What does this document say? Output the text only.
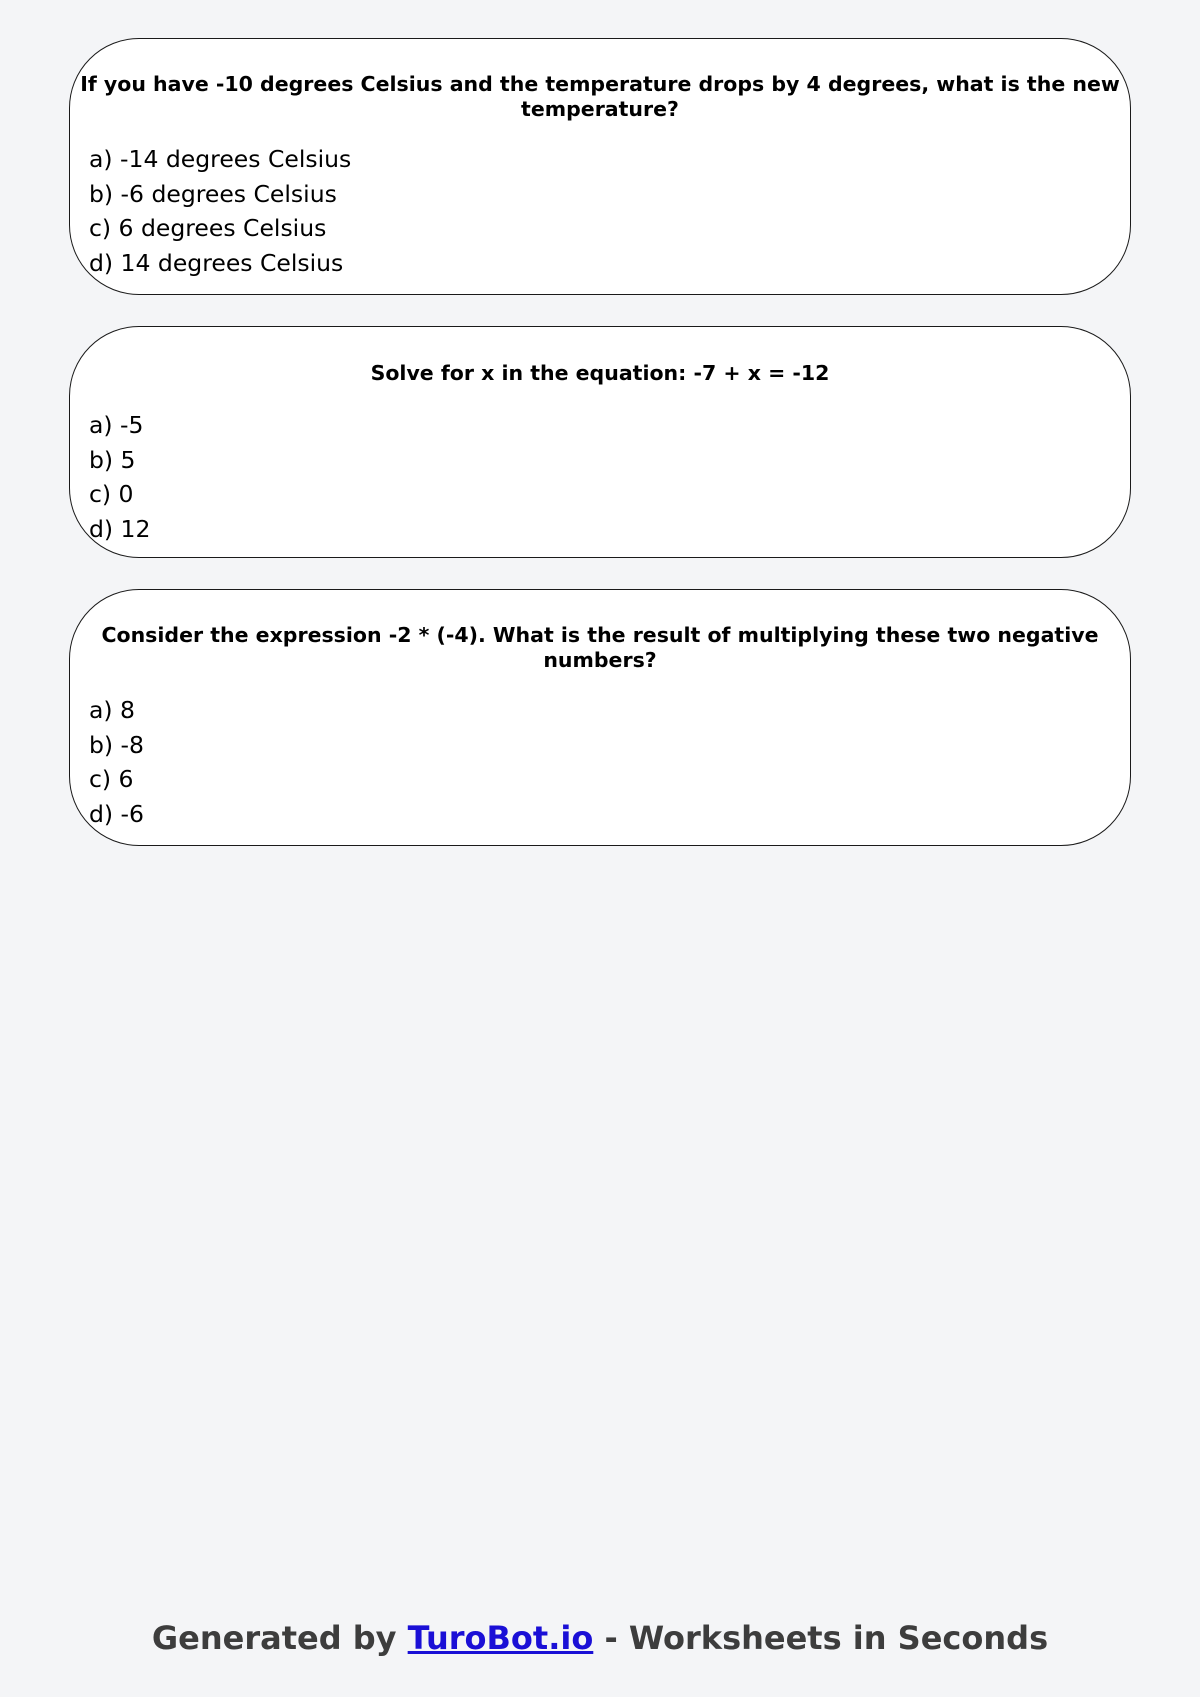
If you have -10 degrees Celsius and the temperature drops by 4 degrees, what is the new temperature?

a) -14 degrees Celsius
b) -6 degrees Celsius
c) 6 degrees Celsius
d) 14 degrees Celsius

Solve for x in the equation: -7 + x = -12

a) -5
b) 5
c) 0
d) 12

Consider the expression -2 * (-4). What is the result of multiplying these two negative numbers?

a) 8
b) -8
c) 6
d) -6
Generated by TuroBot.io - Worksheets in Seconds
